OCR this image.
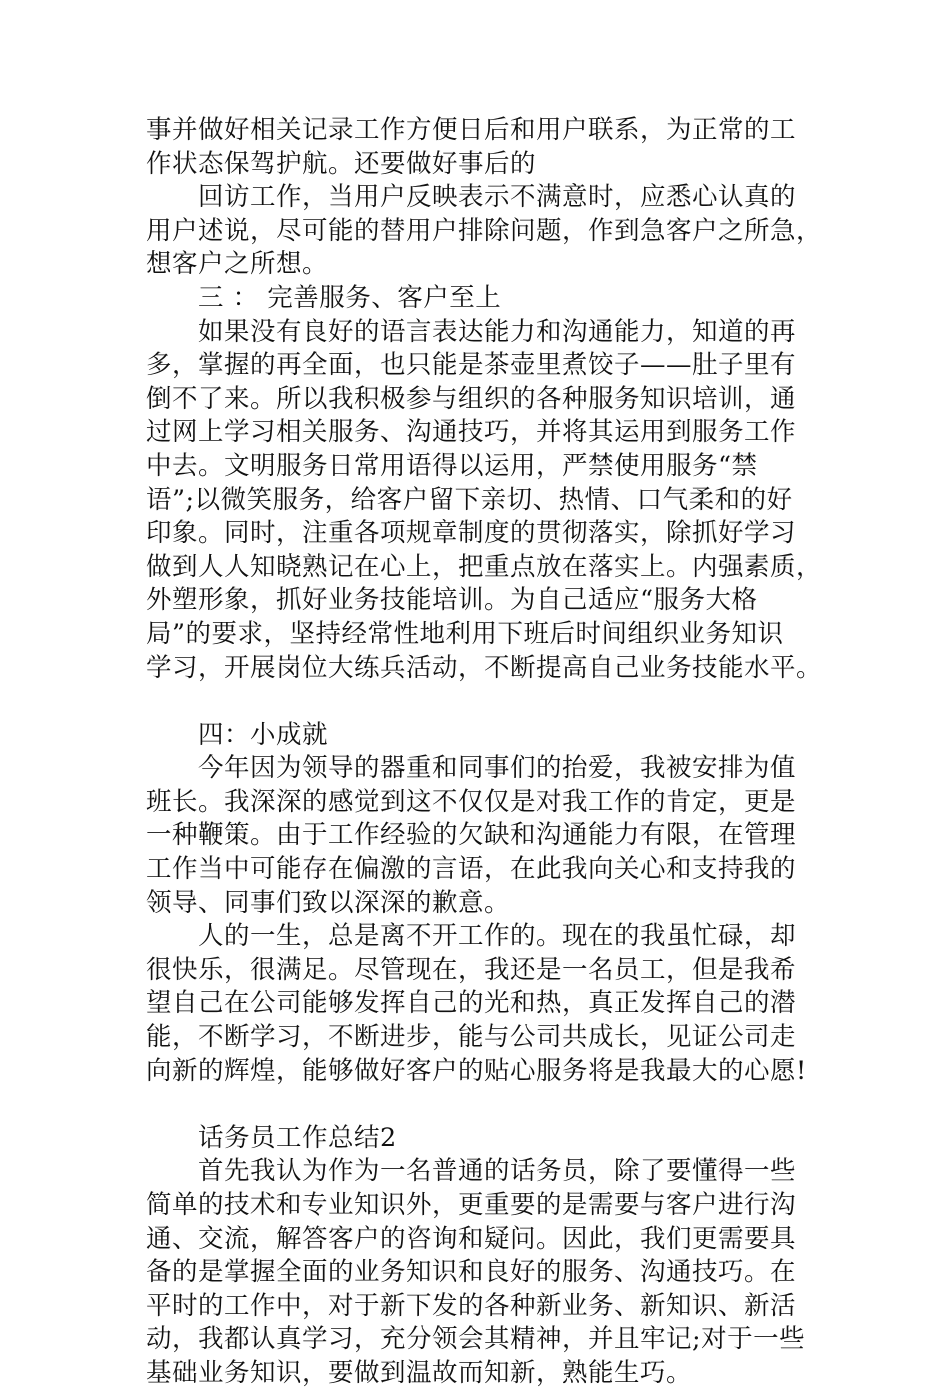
事并做好相关记录工作方便日后和用户联系，为正常的工
作状态保驾护航。还要做好事后的
回访工作，当用户反映表示不满意时，应悉心认真的
用户述说，尽可能的替用户排除问题，作到急客户之所急，
想客户之所想。
三 ： 完善服务、客户至上
如果没有良好的语言表达能力和沟通能力，知道的再
多，掌握的再全面，也只能是茶壶里煮饺子——肚子里有
倒不了来。所以我积极参与组织的各种服务知识培训，通
过网上学习相关服务、沟通技巧，并将其运用到服务工作
中去。文明服务日常用语得以运用，严禁使用服务“禁
语”;以微笑服务，给客户留下亲切、热情、口气柔和的好
印象。同时，注重各项规章制度的贯彻落实，除抓好学习
做到人人知晓熟记在心上，把重点放在落实上。内强素质，
外塑形象，抓好业务技能培训。为自己适应“服务大格
局”的要求，坚持经常性地利用下班后时间组织业务知识
学习，开展岗位大练兵活动，不断提高自己业务技能水平。
四：小成就
今年因为领导的器重和同事们的抬爱，我被安排为值
班长。我深深的感觉到这不仅仅是对我工作的肯定，更是
一种鞭策。由于工作经验的欠缺和沟通能力有限，在管理
工作当中可能存在偏激的言语，在此我向关心和支持我的
领导、同事们致以深深的歉意。
人的一生，总是离不开工作的。现在的我虽忙碌，却
很快乐，很满足。尽管现在，我还是一名员工，但是我希
望自己在公司能够发挥自己的光和热，真正发挥自己的潜
能，不断学习，不断进步，能与公司共成长，见证公司走
向新的辉煌，能够做好客户的贴心服务将是我最大的心愿!
话务员工作总结2
首先我认为作为一名普通的话务员，除了要懂得一些
简单的技术和专业知识外，更重要的是需要与客户进行沟
通、交流，解答客户的咨询和疑问。因此，我们更需要具
备的是掌握全面的业务知识和良好的服务、沟通技巧。在
平时的工作中，对于新下发的各种新业务、新知识、新活
动，我都认真学习，充分领会其精神，并且牢记;对于一些
基础业务知识，要做到温故而知新，熟能生巧。
